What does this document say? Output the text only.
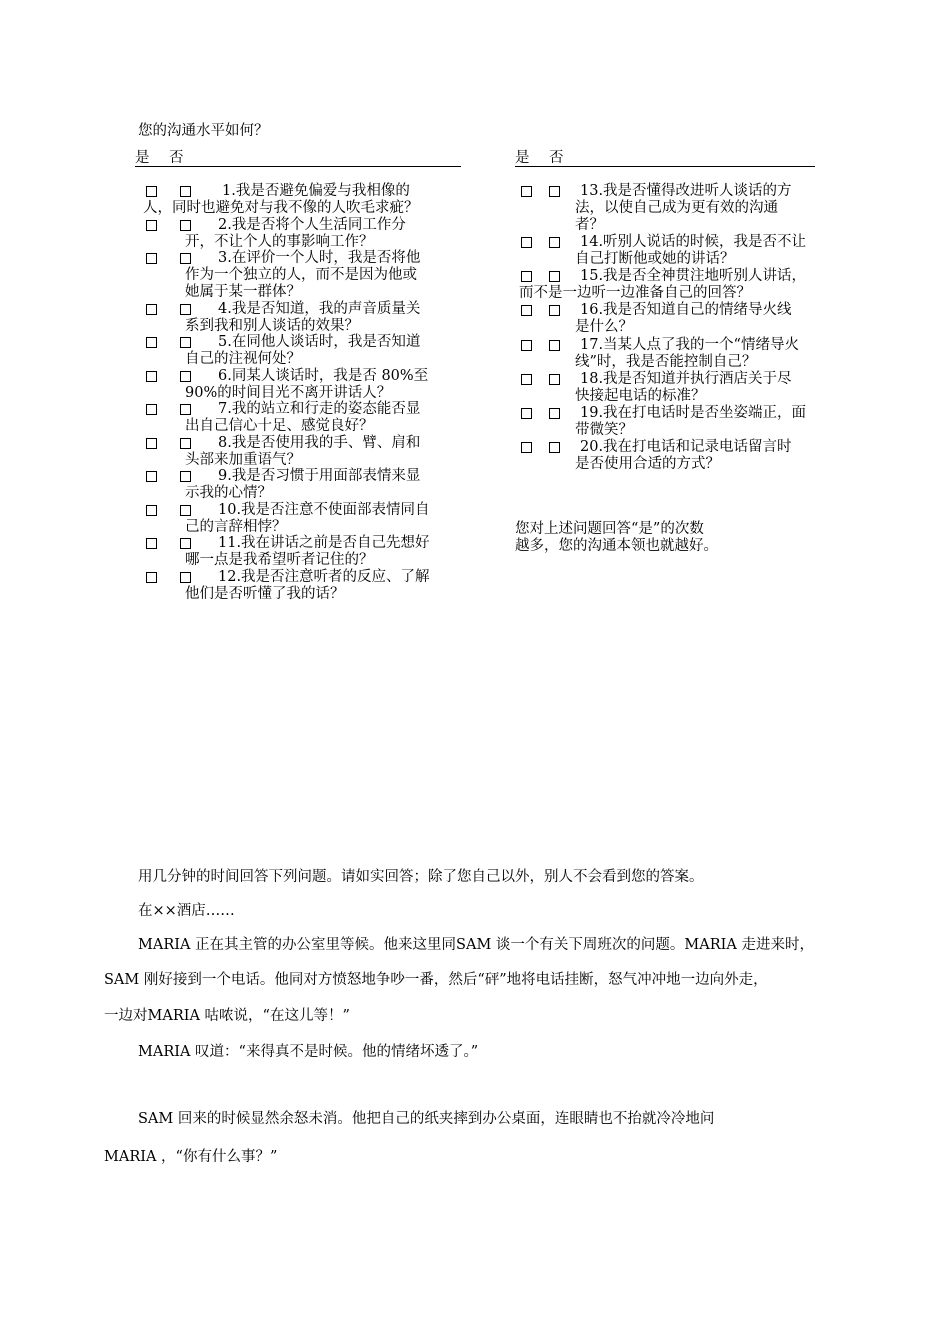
您的沟通水平如何？
是 否	是 否
1.我是否避免偏爱与我相像的
人，同时也避免对与我不像的人吹毛求疵？
2.我是否将个人生活同工作分
开，不让个人的事影响工作？
3.在评价一个人时，我是否将他
作为一个独立的人，而不是因为他或
她属于某一群体？
4.我是否知道，我的声音质量关
系到我和别人谈话的效果？
5.在同他人谈话时，我是否知道
自己的注视何处？
6.同某人谈话时，我是否 80%至
90%的时间目光不离开讲话人？
7.我的站立和行走的姿态能否显
出自己信心十足、感觉良好？
8.我是否使用我的手、臂、肩和
头部来加重语气？
9.我是否习惯于用面部表情来显
示我的心情？
10.我是否注意不使面部表情同自
己的言辞相悖？
11.我在讲话之前是否自己先想好
哪一点是我希望听者记住的？
12.我是否注意听者的反应、了解
他们是否听懂了我的话？
13.我是否懂得改进听人谈话的方
法，以使自己成为更有效的沟通
者？
14.听别人说话的时候，我是否不让
自己打断他或她的讲话？
15.我是否全神贯注地听别人讲话，
而不是一边听一边准备自己的回答？
16.我是否知道自己的情绪导火线
是什么？
17.当某人点了我的一个“情绪导火
线”时，我是否能控制自己？
18.我是否知道并执行酒店关于尽
快接起电话的标准？
19.我在打电话时是否坐姿端正，面
带微笑？
20.我在打电话和记录电话留言时
是否使用合适的方式？
您对上述问题回答“是”的次数
越多，您的沟通本领也就越好。
用几分钟的时间回答下列问题。请如实回答；除了您自己以外，别人不会看到您的答案。
在××酒店……
MARIA 正在其主管的办公室里等候。他来这里同SAM 谈一个有关下周班次的问题。MARIA 走进来时，
SAM 刚好接到一个电话。他同对方愤怒地争吵一番，然后“砰”地将电话挂断，怒气冲冲地一边向外走，
一边对MARIA 咕哝说，“在这儿等！”
MARIA 叹道：“来得真不是时候。他的情绪坏透了。”
SAM 回来的时候显然余怒未消。他把自己的纸夹摔到办公桌面，连眼睛也不抬就冷冷地问
MARIA ，“你有什么事？”
